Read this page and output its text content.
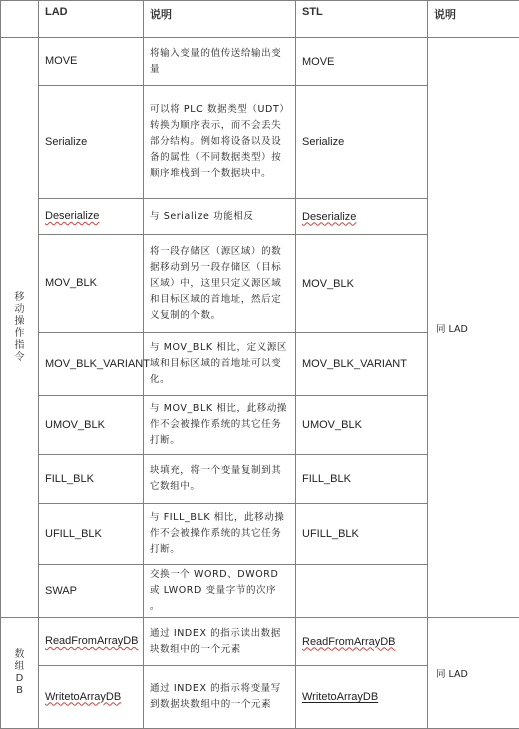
	LAD	说明	STL	说明

移动操作指令	MOVE	将输入变量的值传送给输出变量	MOVE	同 LAD
	Serialize	可以将 PLC 数据类型（UDT）转换为顺序表示，而不会丢失部分结构。例如将设备以及设备的属性（不同数据类型）按顺序堆栈到一个数据块中。	Serialize	
	Deserialize	与 Serialize 功能相反	Deserialize	
	MOV_BLK	将一段存储区（源区域）的数据移动到另一段存储区（目标区域）中，这里只定义源区域和目标区域的首地址，然后定义复制的个数。	MOV_BLK	
	MOV_BLK_VARIANT	与 MOV_BLK 相比，定义源区域和目标区域的首地址可以变化。	MOV_BLK_VARIANT	
	UMOV_BLK	与 MOV_BLK 相比，此移动操作不会被操作系统的其它任务打断。	UMOV_BLK	
	FILL_BLK	块填充，将一个变量复制到其它数组中。	FILL_BLK	
	UFILL_BLK	与 FILL_BLK 相比，此移动操作不会被操作系统的其它任务打断。	UFILL_BLK	
	SWAP	交换一个 WORD、DWORD 或 LWORD 变量字节的次序 。		
数组 DB	ReadFromArrayDB	通过 INDEX 的指示读出数据块数组中的一个元素	ReadFromArrayDB	同 LAD
	WritetoArrayDB	通过 INDEX 的指示将变量写到数据块数组中的一个元素	WritetoArrayDB	
